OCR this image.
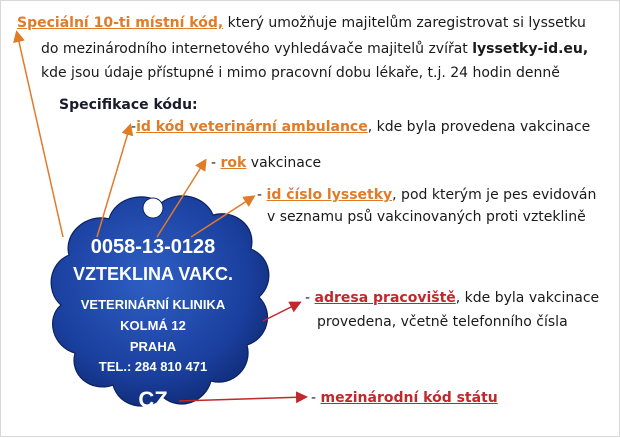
Speciální 10-ti místní kód, který umožňuje majitelům zaregistrovat si lyssetku
do mezinárodního internetového vyhledávače majitelů zvířat lyssetky-id.eu,
kde jsou údaje přístupné i mimo pracovní dobu lékaře, t.j. 24 hodin denně
Specifikace kódu:
-id kód veterinární ambulance, kde byla provedena vakcinace
- rok vakcinace
- id číslo lyssetky, pod kterým je pes evidován
v seznamu psů vakcinovaných proti vzteklině
- adresa pracoviště, kde byla vakcinace
provedena, včetně telefonního čísla
- mezinárodní kód státu
0058-13-0128
VZTEKLINA VAKC.
VETERINÁRNÍ KLINIKA
KOLMÁ 12
PRAHA
TEL.: 284 810 471
CZ
